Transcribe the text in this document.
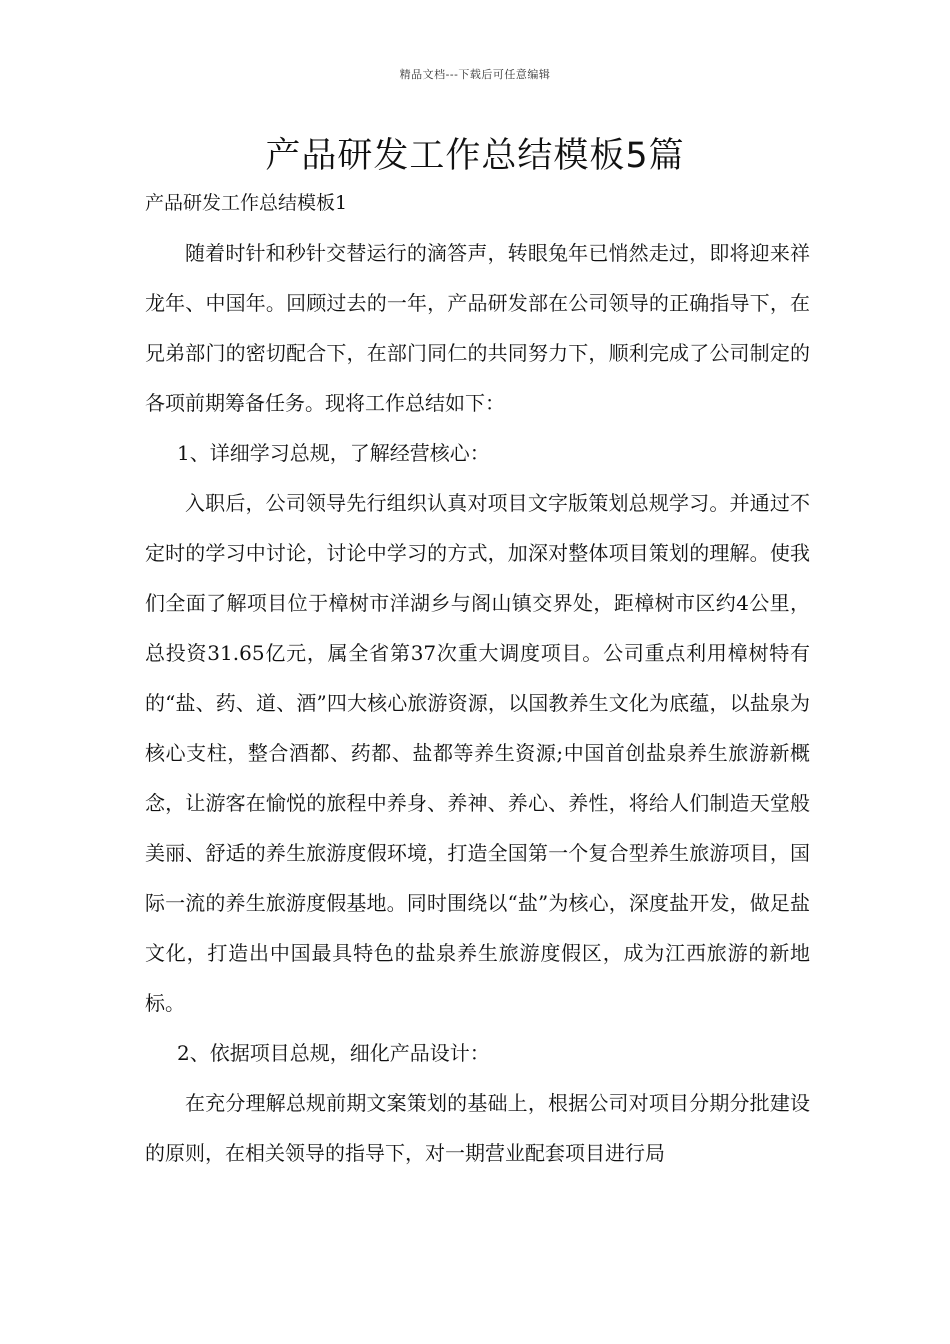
精品文档---下载后可任意编辑
产品研发工作总结模板5篇

产品研发工作总结模板1

随着时针和秒针交替运行的滴答声，转眼兔年已悄然走过，即将迎来祥龙年、中国年。回顾过去的一年，产品研发部在公司领导的正确指导下，在兄弟部门的密切配合下，在部门同仁的共同努力下，顺利完成了公司制定的各项前期筹备任务。现将工作总结如下：

1、详细学习总规，了解经营核心：

入职后，公司领导先行组织认真对项目文字版策划总规学习。并通过不定时的学习中讨论，讨论中学习的方式，加深对整体项目策划的理解。使我们全面了解项目位于樟树市洋湖乡与阁山镇交界处，距樟树市区约4公里，总投资31.65亿元，属全省第37次重大调度项目。公司重点利用樟树特有的“盐、药、道、酒”四大核心旅游资源，以国教养生文化为底蕴，以盐泉为核心支柱，整合酒都、药都、盐都等养生资源;中国首创盐泉养生旅游新概念，让游客在愉悦的旅程中养身、养神、养心、养性，将给人们制造天堂般美丽、舒适的养生旅游度假环境，打造全国第一个复合型养生旅游项目，国际一流的养生旅游度假基地。同时围绕以“盐”为核心，深度盐开发，做足盐文化，打造出中国最具特色的盐泉养生旅游度假区，成为江西旅游的新地标。

2、依据项目总规，细化产品设计：

在充分理解总规前期文案策划的基础上，根据公司对项目分期分批建设的原则，在相关领导的指导下，对一期营业配套项目进行局
